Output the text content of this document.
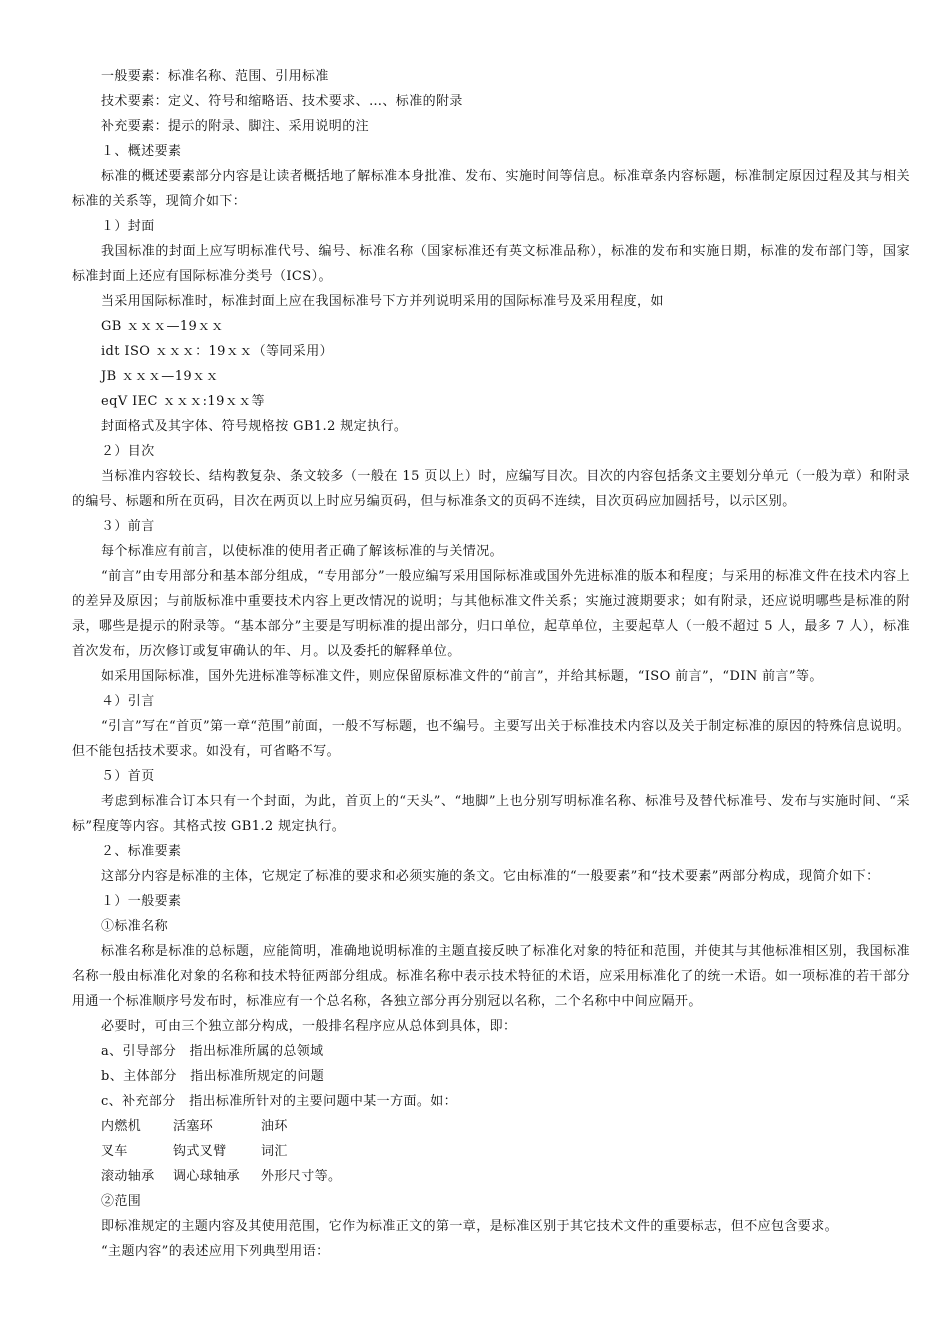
一般要素：标准名称、范围、引用标准

技术要素：定义、符号和缩略语、技术要求、…、标准的附录

补充要素：提示的附录、脚注、采用说明的注

１、概述要素

标准的概述要素部分内容是让读者概括地了解标准本身批准、发布、实施时间等信息。标准章条内容标题，标准制定原因过程及其与相关标准的关系等，现简介如下：

１）封面

我国标准的封面上应写明标准代号、编号、标准名称（国家标准还有英文标准品称），标准的发布和实施日期，标准的发布部门等，国家标准封面上还应有国际标准分类号（ICS）。

当采用国际标准时，标准封面上应在我国标准号下方并列说明采用的国际标准号及采用程度，如

GB ｘｘｘ—19ｘｘ

idt ISO ｘｘｘ：19ｘｘ（等同采用）

JB ｘｘｘ—19ｘｘ

eqV IEC ｘｘｘ:19ｘｘ等

封面格式及其字体、符号规格按 GB1.2 规定执行。

２）目次

当标准内容较长、结构教复杂、条文较多（一般在 15 页以上）时，应编写目次。目次的内容包括条文主要划分单元（一般为章）和附录的编号、标题和所在页码，目次在两页以上时应另编页码，但与标准条文的页码不连续，目次页码应加圆括号，以示区别。

３）前言

每个标准应有前言，以使标准的使用者正确了解该标准的与关情况。

“前言”由专用部分和基本部分组成，“专用部分”一般应编写采用国际标准或国外先进标准的版本和程度；与采用的标准文件在技术内容上的差异及原因；与前版标准中重要技术内容上更改情况的说明；与其他标准文件关系；实施过渡期要求；如有附录，还应说明哪些是标准的附录，哪些是提示的附录等。“基本部分”主要是写明标准的提出部分，归口单位，起草单位，主要起草人（一般不超过 5 人，最多 7 人），标准首次发布，历次修订或复审确认的年、月。以及委托的解释单位。

如采用国际标准，国外先进标准等标准文件，则应保留原标准文件的“前言”，并给其标题，“ISO 前言”，“DIN 前言”等。

４）引言

“引言”写在“首页”第一章“范围”前面，一般不写标题，也不编号。主要写出关于标准技术内容以及关于制定标准的原因的特殊信息说明。但不能包括技术要求。如没有，可省略不写。

５）首页

考虑到标准合订本只有一个封面，为此，首页上的“天头”、“地脚”上也分别写明标准名称、标准号及替代标准号、发布与实施时间、“采标”程度等内容。其格式按 GB1.2 规定执行。

２、标准要素

这部分内容是标准的主体，它规定了标准的要求和必须实施的条文。它由标准的“一般要素”和“技术要素”两部分构成，现简介如下：

１）一般要素

①标准名称

标准名称是标准的总标题，应能简明，准确地说明标准的主题直接反映了标准化对象的特征和范围，并使其与其他标准相区别，我国标准名称一般由标准化对象的名称和技术特征两部分组成。标准名称中表示技术特征的术语，应采用标准化了的统一术语。如一项标准的若干部分用通一个标准顺序号发布时，标准应有一个总名称，各独立部分再分别冠以名称，二个名称中中间应隔开。

必要时，可由三个独立部分构成，一般排名程序应从总体到具体，即：

a、引导部分　指出标准所属的总领域

b、主体部分　指出标准所规定的问题

c、补充部分　指出标准所针对的主要问题中某一方面。如：

内燃机 活塞环	油环
叉车	钩式叉臂	词汇
滚动轴承 调心球轴承 外形尺寸等。

②范围

即标准规定的主题内容及其使用范围，它作为标准正文的第一章，是标准区别于其它技术文件的重要标志，但不应包含要求。

“主题内容”的表述应用下列典型用语：
